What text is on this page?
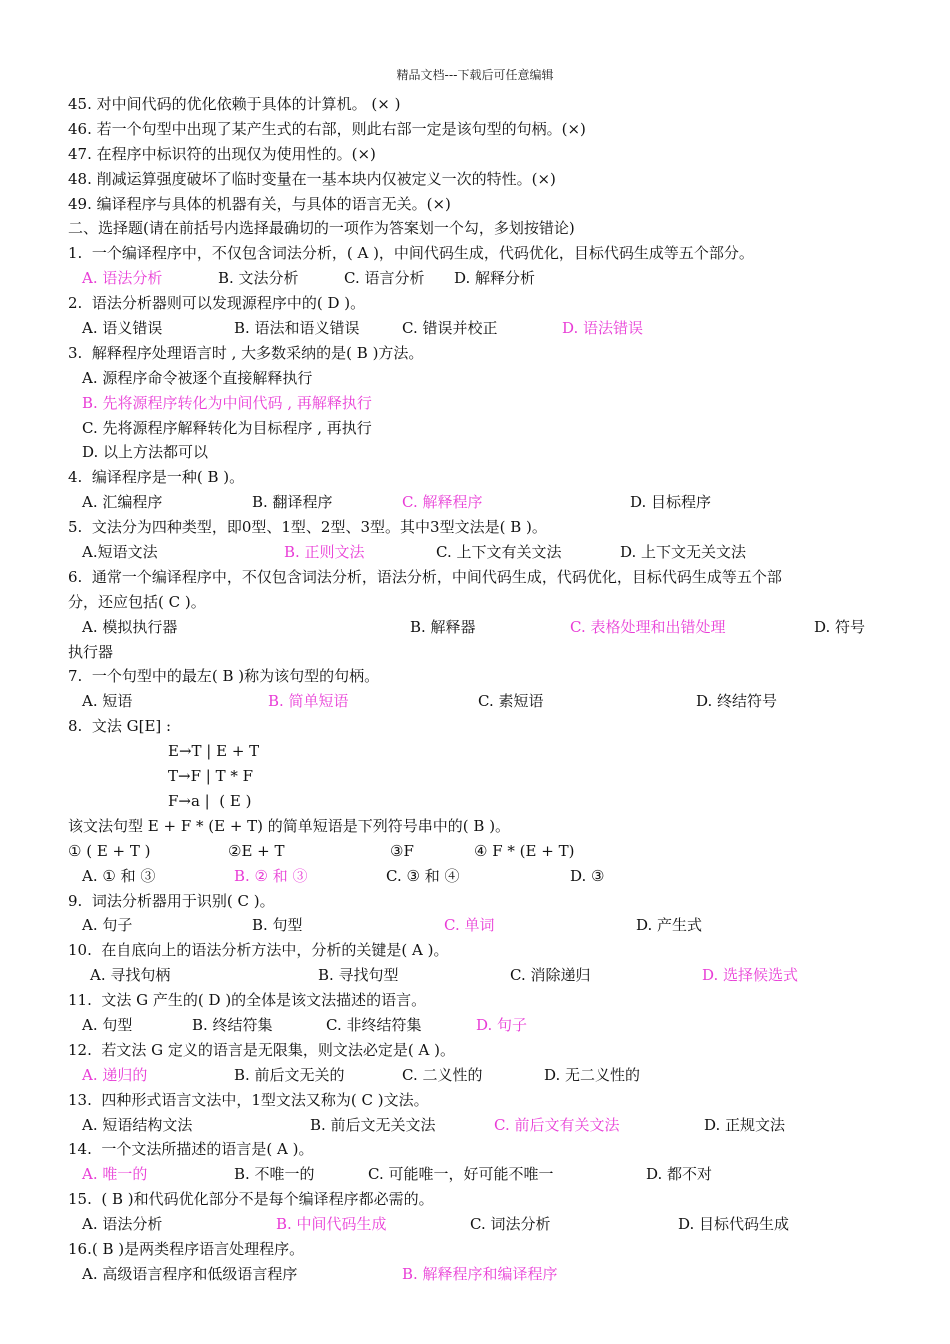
精品文档---下载后可任意编辑
45. 对中间代码的优化依赖于具体的计算机。 (× )
46. 若一个句型中出现了某产生式的右部，则此右部一定是该句型的句柄。(×)
47. 在程序中标识符的出现仅为使用性的。(×)
48. 削减运算强度破坏了临时变量在一基本块内仅被定义一次的特性。(×)
49. 编译程序与具体的机器有关，与具体的语言无关。(×)
二、选择题(请在前括号内选择最确切的一项作为答案划一个勾，多划按错论)
1.  一个编译程序中，不仅包含词法分析，( A )，中间代码生成，代码优化，目标代码生成等五个部分。
A. 语法分析	B. 文法分析	C. 语言分析 D. 解释分析
2.  语法分析器则可以发现源程序中的( D )。
A. 语义错误	B. 语法和语义错误	C. 错误并校正	D. 语法错误
3.  解释程序处理语言时 , 大多数采纳的是( B )方法。
A. 源程序命令被逐个直接解释执行
B. 先将源程序转化为中间代码 , 再解释执行
C. 先将源程序解释转化为目标程序 , 再执行
D. 以上方法都可以
4.  编译程序是一种( B )。
A. 汇编程序	B. 翻译程序	C. 解释程序	D. 目标程序
5.  文法分为四种类型，即0型、1型、2型、3型。其中3型文法是( B )。
A.短语文法	B. 正则文法	C. 上下文有关文法	D. 上下文无关文法
6.  通常一个编译程序中，不仅包含词法分析，语法分析，中间代码生成，代码优化，目标代码生成等五个部
分，还应包括( C )。
A. 模拟执行器	B. 解释器	C. 表格处理和出错处理	D. 符号
执行器
7.  一个句型中的最左( B )称为该句型的句柄。
A. 短语	B. 简单短语	C. 素短语	D. 终结符号
8.  文法 G[E] :
E→T | E + T
T→F | T * F
F→a |  ( E )
该文法句型 E + F * (E + T) 的简单短语是下列符号串中的( B )。
① ( E + T )	②E + T	③F	④ F * (E + T)
A. ① 和 ③	B. ② 和 ③	C. ③ 和 ④	D. ③
9.  词法分析器用于识别( C )。
A. 句子	B. 句型	C. 单词	D. 产生式
10.  在自底向上的语法分析方法中，分析的关键是( A )。
A. 寻找句柄	B. 寻找句型	C. 消除递归	D. 选择候选式
11.  文法 G 产生的( D )的全体是该文法描述的语言。
A. 句型	B. 终结符集	C. 非终结符集	D. 句子
12.  若文法 G 定义的语言是无限集，则文法必定是( A )。
A. 递归的	B. 前后文无关的	C. 二义性的	D. 无二义性的
13.  四种形式语言文法中，1型文法又称为( C )文法。
A. 短语结构文法	B. 前后文无关文法	C. 前后文有关文法	D. 正规文法
14.  一个文法所描述的语言是( A )。
A. 唯一的	B. 不唯一的	C. 可能唯一，好可能不唯一	D. 都不对
15.  ( B )和代码优化部分不是每个编译程序都必需的。
A. 语法分析	B. 中间代码生成	C. 词法分析	D. 目标代码生成
16.( B )是两类程序语言处理程序。
A. 高级语言程序和低级语言程序	B. 解释程序和编译程序
